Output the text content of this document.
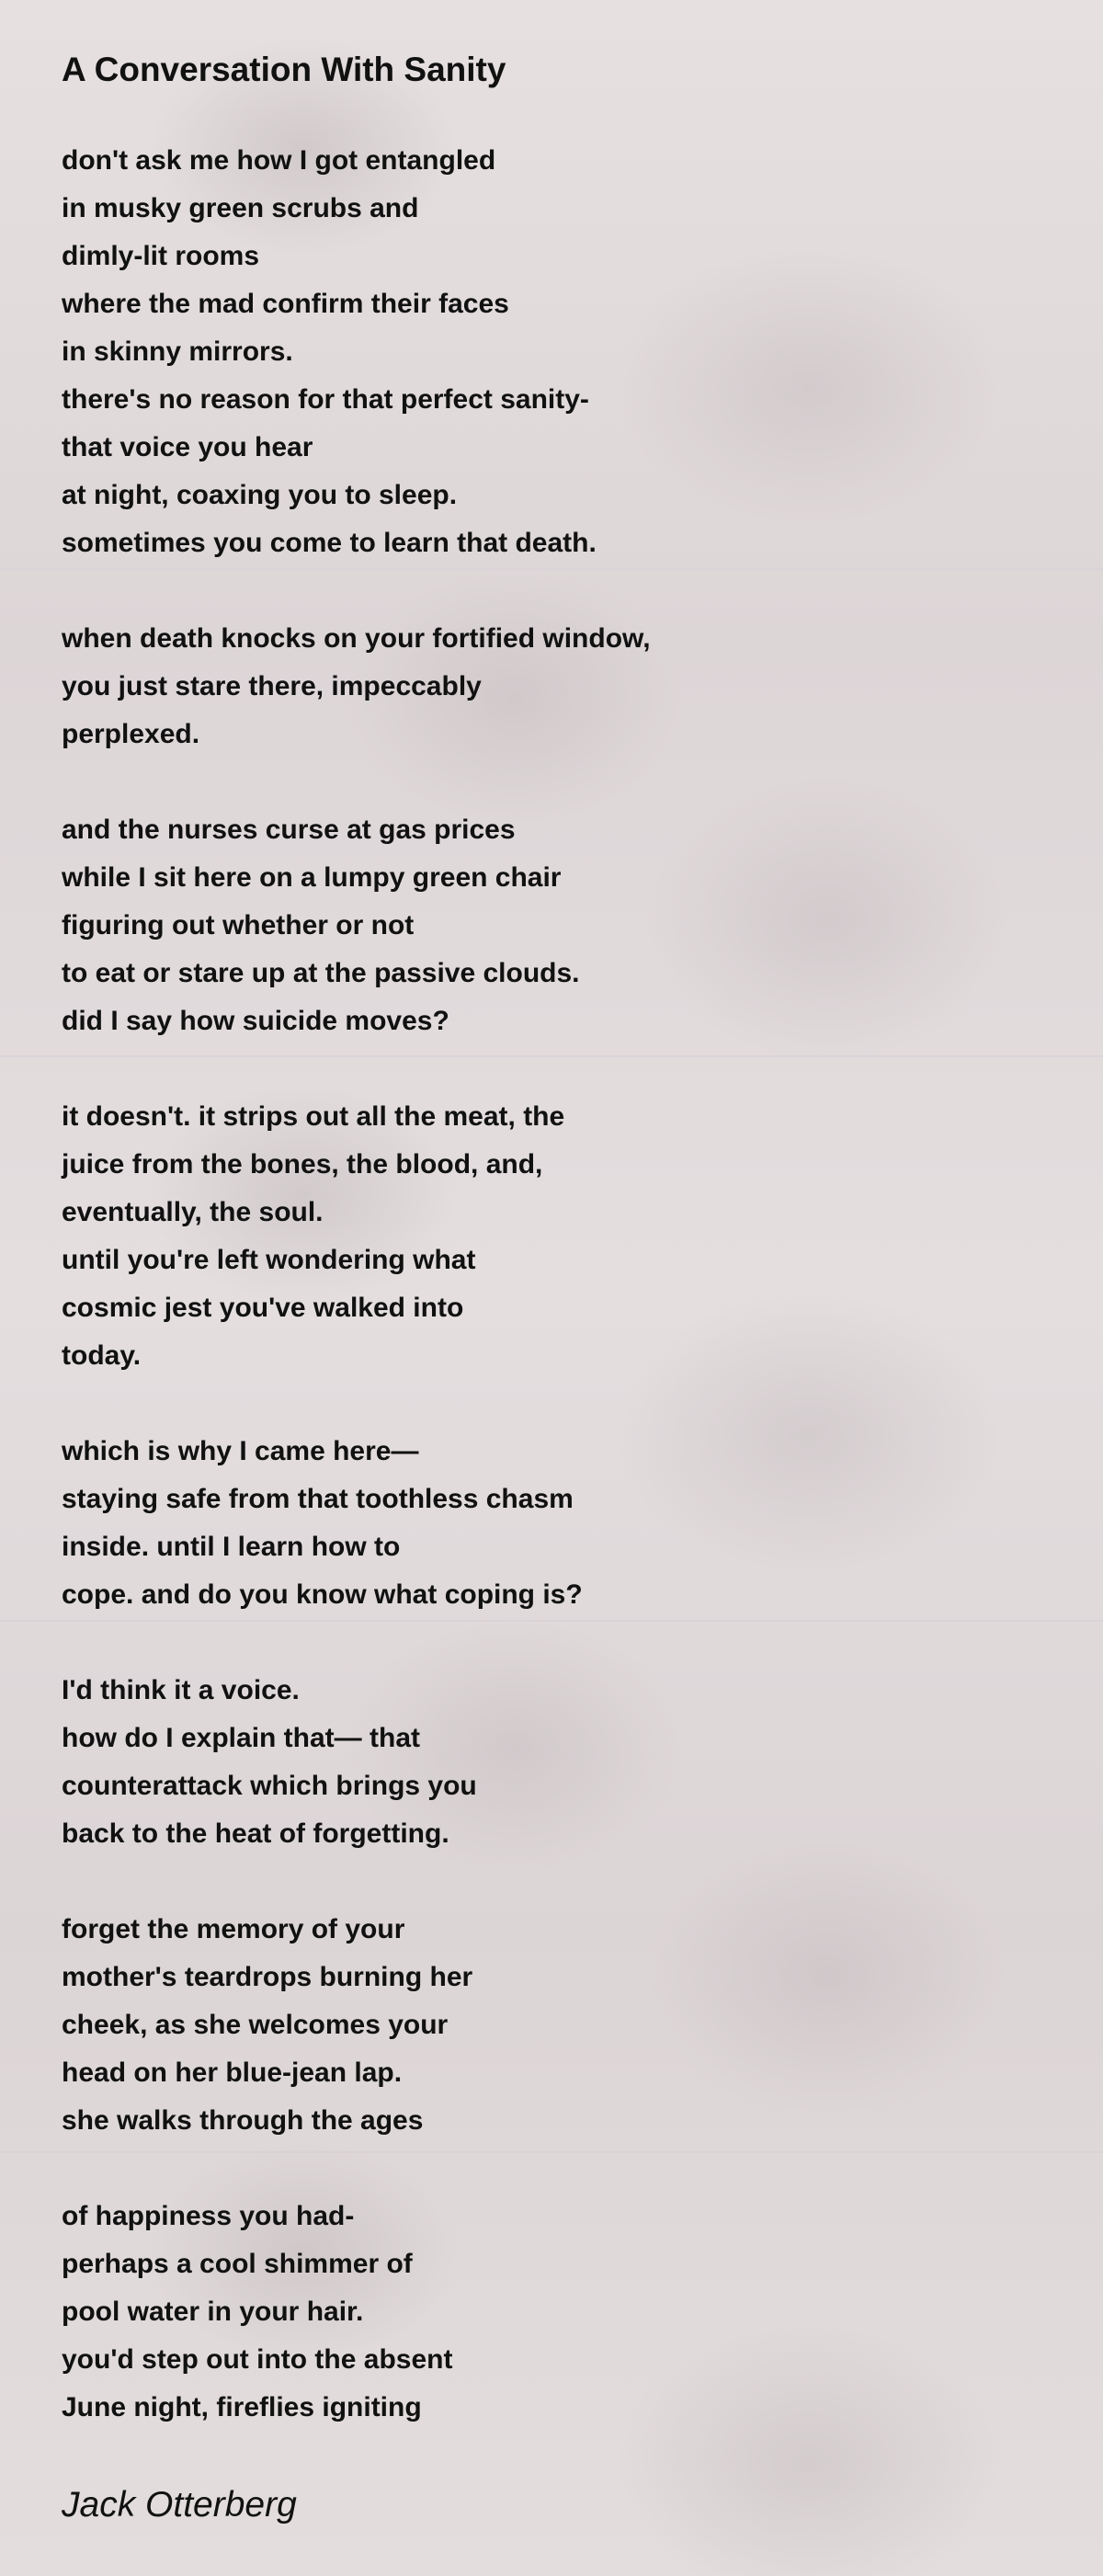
A Conversation With Sanity
don't ask me how I got entangled
in musky green scrubs and
dimly-lit rooms
where the mad confirm their faces
in skinny mirrors.
there's no reason for that perfect sanity-
that voice you hear
at night, coaxing you to sleep.
sometimes you come to learn that death.
when death knocks on your fortified window,
you just stare there, impeccably
perplexed.
and the nurses curse at gas prices
while I sit here on a lumpy green chair
figuring out whether or not
to eat or stare up at the passive clouds.
did I say how suicide moves?
it doesn't. it strips out all the meat, the
juice from the bones, the blood, and,
eventually, the soul.
until you're left wondering what
cosmic jest you've walked into
today.
which is why I came here—
staying safe from that toothless chasm
inside. until I learn how to
cope. and do you know what coping is?
I'd think it a voice.
how do I explain that— that
counterattack which brings you
back to the heat of forgetting.
forget the memory of your
mother's teardrops burning her
cheek, as she welcomes your
head on her blue-jean lap.
she walks through the ages
of happiness you had-
perhaps a cool shimmer of
pool water in your hair.
you'd step out into the absent
June night, fireflies igniting

Jack Otterberg
